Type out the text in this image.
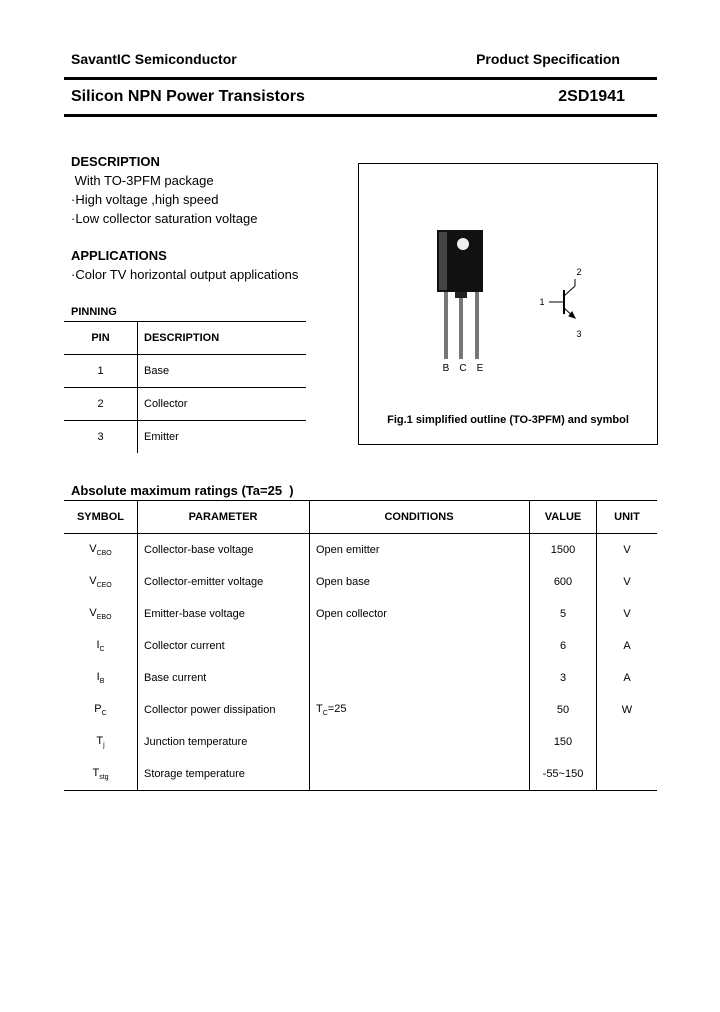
SavantIC Semiconductor	Product Specification
Silicon NPN Power Transistors	2SD1941
DESCRIPTION
With TO-3PFM package
·High voltage ,high speed
·Low collector saturation voltage
APPLICATIONS
·Color TV horizontal output applications
PINNING
PIN	DESCRIPTION
1	Base
2	Collector
3	Emitter
B C E
1
2
3
Fig.1 simplified outline (TO-3PFM) and symbol
Absolute maximum ratings (Ta=25  )
SYMBOL	PARAMETER	CONDITIONS	VALUE	UNIT
$V_{CBO}$	Collector-base voltage	Open emitter	1500	V
$V_{CEO}$	Collector-emitter voltage	Open base	600	V
$V_{EBO}$	Emitter-base voltage	Open collector	5	V
$I_C$	Collector current		6	A
$I_B$	Base current		3	A
$P_C$	Collector power dissipation	$T_C=25$	50	W
$T_j$	Junction temperature		150	
$T_{stg}$	Storage temperature		-55~150	
